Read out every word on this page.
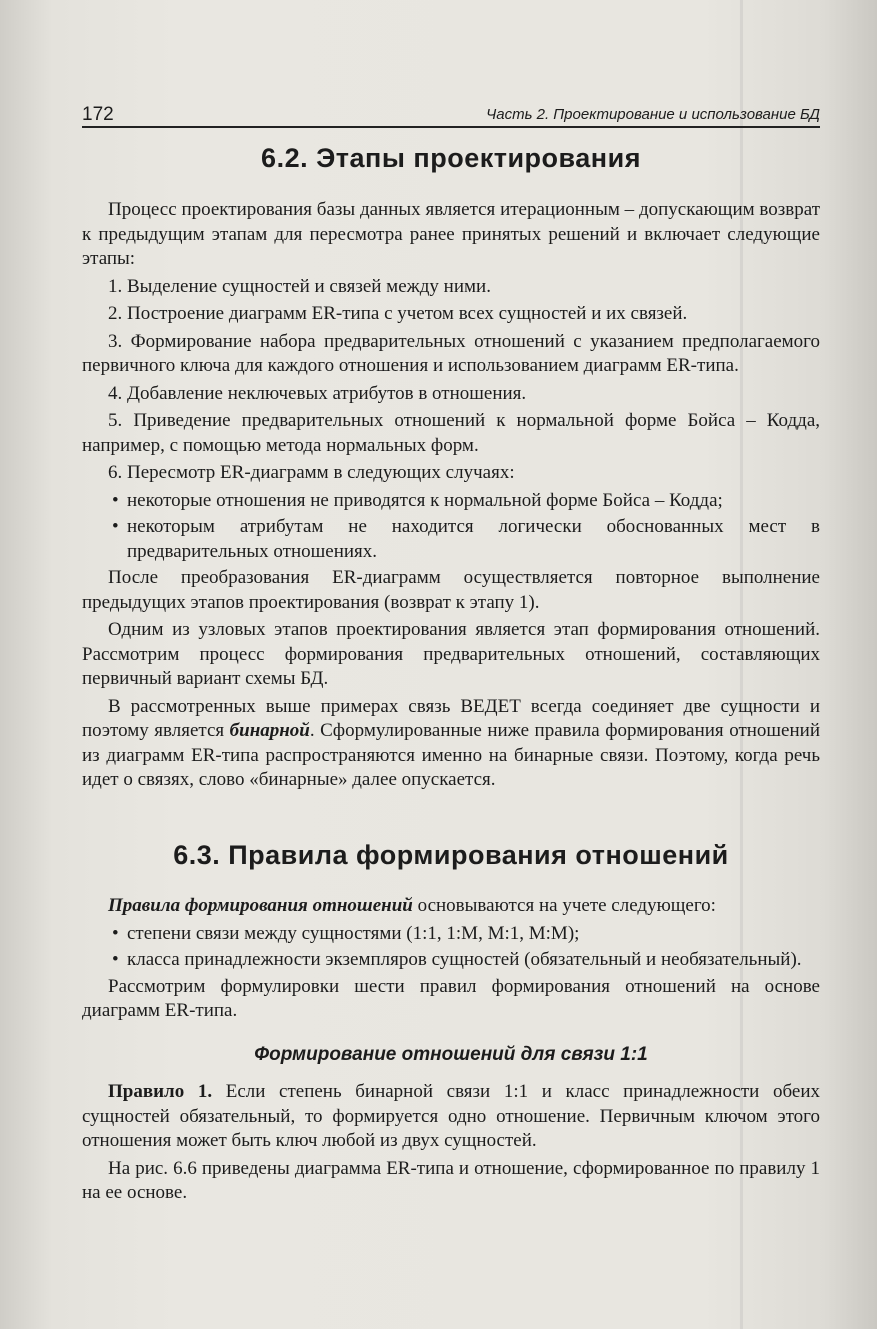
172	Часть 2. Проектирование и использование БД
6.2. Этапы проектирования

Процесс проектирования базы данных является итерационным – допускающим возврат к предыдущим этапам для пересмотра ранее принятых решений и включает следующие этапы:

1. Выделение сущностей и связей между ними.

2. Построение диаграмм ER-типа с учетом всех сущностей и их связей.

3. Формирование набора предварительных отношений с указанием предполагаемого первичного ключа для каждого отношения и использованием диаграмм ER-типа.

4. Добавление неключевых атрибутов в отношения.

5. Приведение предварительных отношений к нормальной форме Бойса – Кодда, например, с помощью метода нормальных форм.

6. Пересмотр ER-диаграмм в следующих случаях:

• некоторые отношения не приводятся к нормальной форме Бойса – Кодда;

• некоторым атрибутам не находится логически обоснованных мест в предварительных отношениях.

После преобразования ER-диаграмм осуществляется повторное выполнение предыдущих этапов проектирования (возврат к этапу 1).

Одним из узловых этапов проектирования является этап формирования отношений. Рассмотрим процесс формирования предварительных отношений, составляющих первичный вариант схемы БД.

В рассмотренных выше примерах связь ВЕДЕТ всегда соединяет две сущности и поэтому является бинарной. Сформулированные ниже правила формирования отношений из диаграмм ER-типа распространяются именно на бинарные связи. Поэтому, когда речь идет о связях, слово «бинарные» далее опускается.

6.3. Правила формирования отношений

Правила формирования отношений основываются на учете следующего:

• степени связи между сущностями (1:1, 1:М, М:1, М:М);

• класса принадлежности экземпляров сущностей (обязательный и необязательный).

Рассмотрим формулировки шести правил формирования отношений на основе диаграмм ER-типа.

Формирование отношений для связи 1:1

Правило 1. Если степень бинарной связи 1:1 и класс принадлежности обеих сущностей обязательный, то формируется одно отношение. Первичным ключом этого отношения может быть ключ любой из двух сущностей.

На рис. 6.6 приведены диаграмма ER-типа и отношение, сформированное по правилу 1 на ее основе.
